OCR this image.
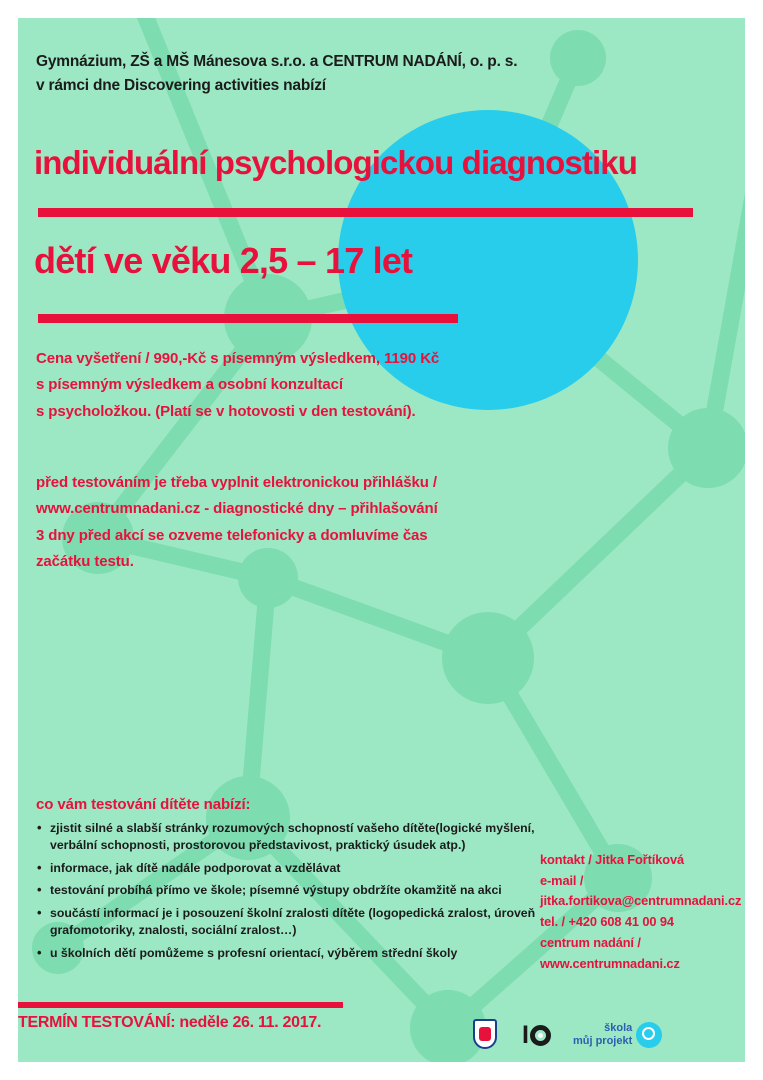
Gymnázium, ZŠ a MŠ Mánesova s.r.o. a CENTRUM NADÁNÍ, o. p. s.
v rámci dne Discovering activities nabízí
individuální psychologickou diagnostiku
dětí ve věku 2,5 – 17 let
Cena vyšetření / 990,-Kč s písemným výsledkem, 1190 Kč
s písemným výsledkem a osobní konzultací
s psycholožkou. (Platí se v hotovosti v den testování).
před testováním je třeba vyplnit elektronickou přihlášku /
www.centrumnadani.cz - diagnostické dny – přihlašování
3 dny před akcí se ozveme telefonicky a domluvíme čas
začátku testu.
co vám testování dítěte nabízí:
• zjistit silné a slabší stránky rozumových schopností vašeho dítěte(logické myšlení, verbální schopnosti, prostorovou představivost, praktický úsudek atp.)
• informace, jak dítě nadále podporovat a vzdělávat
• testování probíhá přímo ve škole; písemné výstupy obdržíte okamžitě na akci
• součástí informací je i posouzení školní zralosti dítěte (logopedická zralost, úroveň grafomotoriky, znalosti, sociální zralost…)
• u školních dětí pomůžeme s profesní orientací, výběrem střední školy
kontakt / Jitka Fořtíková
e-mail /
jitka.fortikova@centrumnadani.cz
tel. / +420 608 41 00 94
centrum nadání /
www.centrumnadani.cz
TERMÍN TESTOVÁNÍ: neděle 26. 11. 2017.	I	škola
můj projekt
